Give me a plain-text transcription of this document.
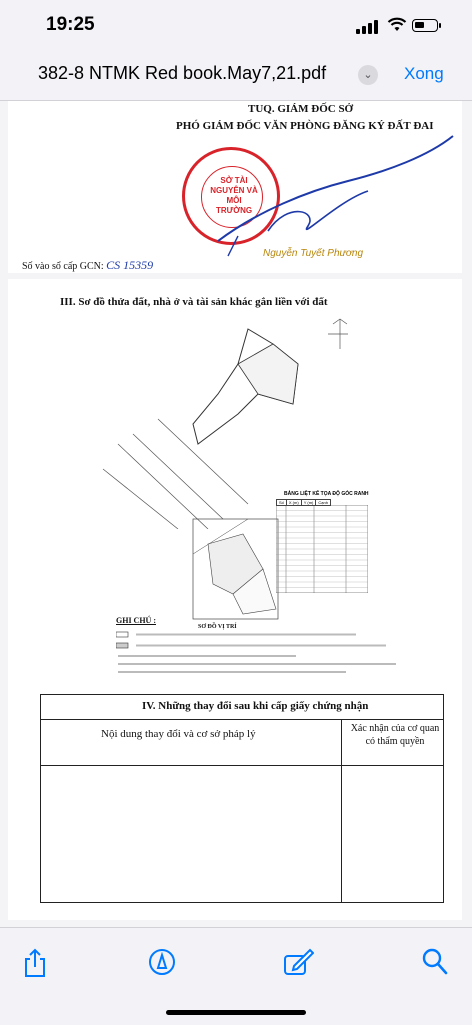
19:25
382-8 NTMK Red book.May7,21.pdf	⌄	Xong
TUQ. GIÁM ĐỐC SỞ
PHÓ GIÁM ĐỐC VĂN PHÒNG ĐĂNG KÝ ĐẤT ĐAI
SỞ TÀI NGUYÊN VÀ MÔI TRƯỜNG
Nguyễn Tuyết Phương
Số vào sổ cấp GCN: CS 15359
III. Sơ đồ thửa đất, nhà ở và tài sản khác gắn liền với đất
SƠ ĐỒ VỊ TRÍ
BẢNG LIỆT KÊ TỌA ĐỘ GÓC RANH
Số	X (m)	Y (m)	Cạnh
GHI CHÚ :
Nội dung thay đổi và cơ sở pháp lý	Xác nhận của cơ quan có thẩm quyền
IV. Những thay đổi sau khi cấp giấy chứng nhận
